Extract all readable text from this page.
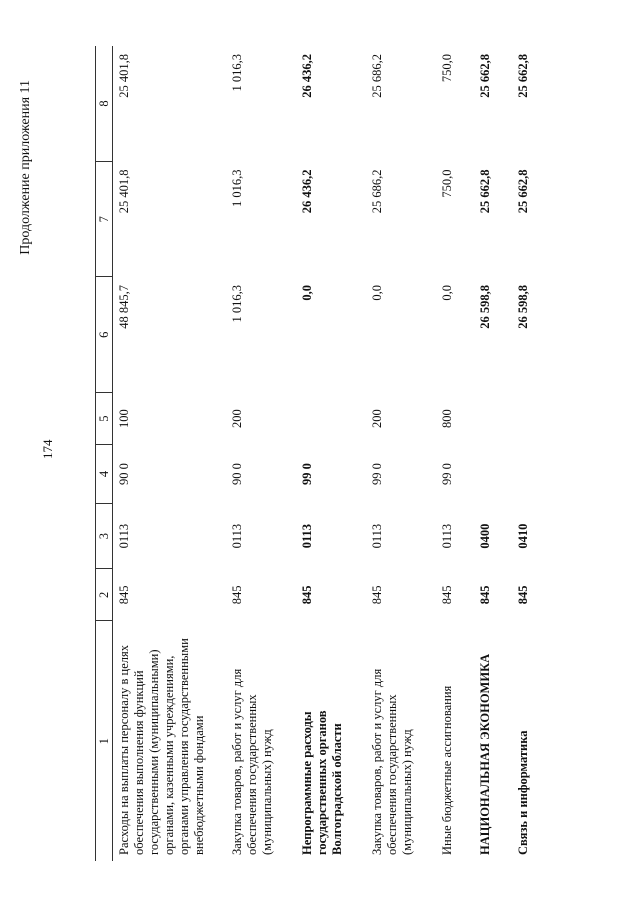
174
Продолжение приложения 11
1	2	3	4	5	6	7	8
Расходы на выплаты персоналу в целях обеспечения выполнения функций государственными (муниципальными) органами, казенными учреждениями, органами управления государственными внебюджетными фондами	845	0113	90 0	100	48 845,7	25 401,8	25 401,8
Закупка товаров, работ и услуг для обеспечения государственных (муниципальных) нужд	845	0113	90 0	200	1 016,3	1 016,3	1 016,3
Непрограммные расходы государственных органов Волгоградской области	845	0113	99 0		0,0	26 436,2	26 436,2
Закупка товаров, работ и услуг для обеспечения государственных (муниципальных) нужд	845	0113	99 0	200	0,0	25 686,2	25 686,2
Иные бюджетные ассигнования	845	0113	99 0	800	0,0	750,0	750,0
НАЦИОНАЛЬНАЯ ЭКОНОМИКА	845	0400			26 598,8	25 662,8	25 662,8
Связь и информатика	845	0410			26 598,8	25 662,8	25 662,8
